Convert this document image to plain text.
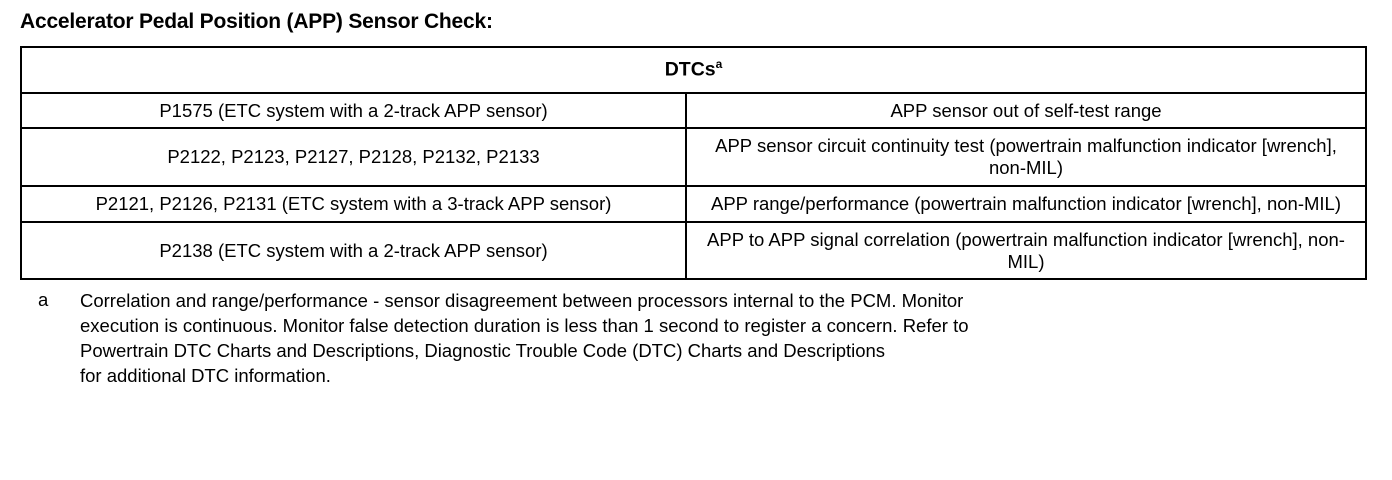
Accelerator Pedal Position (APP) Sensor Check:
DTCs$^a$
P1575 (ETC system with a 2-track APP sensor)	APP sensor out of self-test range
P2122, P2123, P2127, P2128, P2132, P2133	APP sensor circuit continuity test (powertrain malfunction indicator [wrench], non-MIL)
P2121, P2126, P2131 (ETC system with a 3-track APP sensor)	APP range/performance (powertrain malfunction indicator [wrench], non-MIL)
P2138 (ETC system with a 2-track APP sensor)	APP to APP signal correlation (powertrain malfunction indicator [wrench], non-MIL)
a	Correlation and range/performance - sensor disagreement between processors internal to the PCM. Monitor
execution is continuous. Monitor false detection duration is less than 1 second to register a concern. Refer to
Powertrain DTC Charts and Descriptions, Diagnostic Trouble Code (DTC) Charts and Descriptions
for additional DTC information.
